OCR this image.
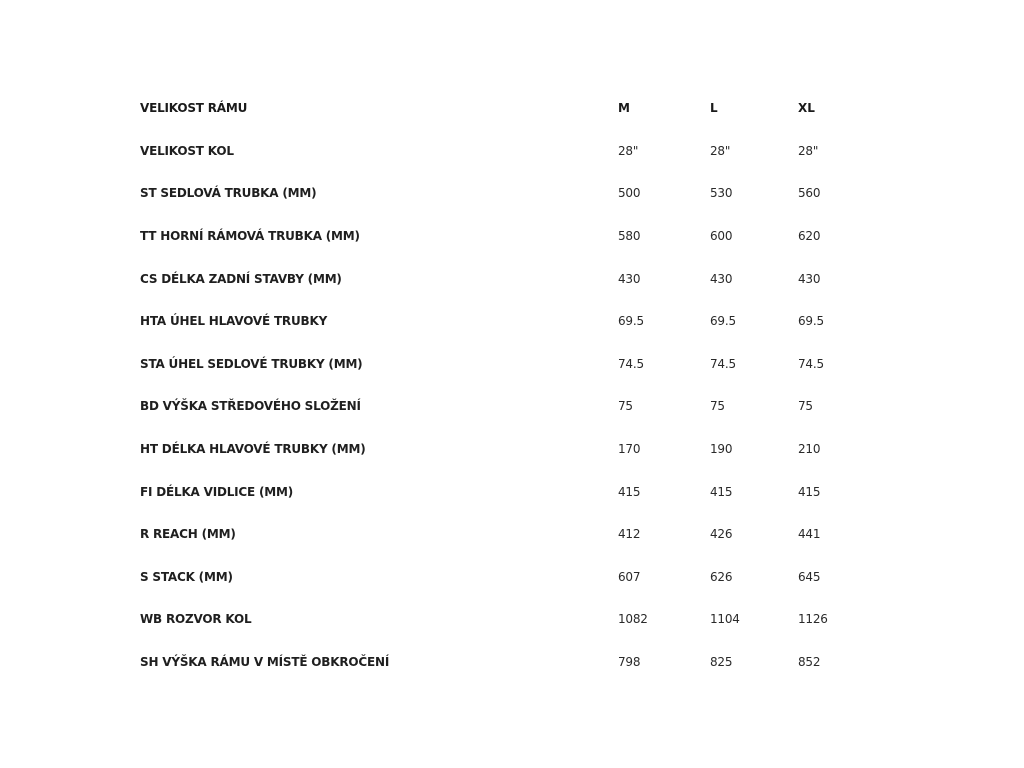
VELIKOST RÁMU	M	L	XL
VELIKOST KOL	28"	28"	28"
ST SEDLOVÁ TRUBKA (MM)	500	530	560
TT HORNÍ RÁMOVÁ TRUBKA (MM)	580	600	620
CS DÉLKA ZADNÍ STAVBY (MM)	430	430	430
HTA ÚHEL HLAVOVÉ TRUBKY	69.5	69.5	69.5
STA ÚHEL SEDLOVÉ TRUBKY (MM)	74.5	74.5	74.5
BD VÝŠKA STŘEDOVÉHO SLOŽENÍ	75	75	75
HT DÉLKA HLAVOVÉ TRUBKY (MM)	170	190	210
FI DÉLKA VIDLICE (MM)	415	415	415
R REACH (MM)	412	426	441
S STACK (MM)	607	626	645
WB ROZVOR KOL	1082	1104	1126
SH VÝŠKA RÁMU V MÍSTĚ OBKROČENÍ	798	825	852
